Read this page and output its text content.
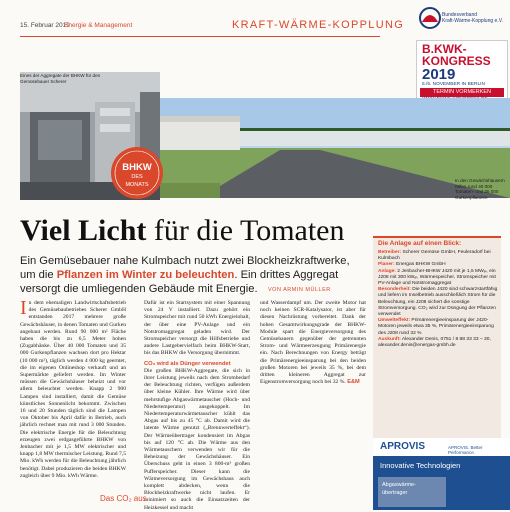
15. Februar 2019
Energie & Management	KRAFT-WÄRME-KOPPLUNG
Bundesverband
Kraft-Wärme-Kopplung e.V.
B.KWK-
KONGRESS
2019
5./6. NOVEMBER IN BERLIN
TERMIN VORMERKEN
Eines der Aggregate der BHKW für den Gemüsebauer Scherer
In den Gewächshäusern reifen rund 40 000 Tomaten- und 35 000 Gurkenpflanzen
BHKW
DES
MONATS
Viel Licht für die Tomaten
Ein Gemüsebauer nahe Kulmbach nutzt zwei Blockheizkraftwerke, um die Pflanzen im Winter zu beleuchten. Ein drittes Aggregat versorgt die umliegenden Gebäude mit Energie.	VON ARMIN MÜLLER
In dem ehemaligen Landwirtschaftsbetrieb des Gemüsebaubetriebes Scherer GmbH entstanden 2017 mehrere große Gewächshäuser, in denen Tomaten und Gurken angebaut werden. Rund 90 000 m² Fläche haben die bis zu 6,5 Meter hohen (Zugabhänke. Über 40 000 Tomaten und 35 000 Gurkenpflanzen wachsen dort pro Hektar (10 000 m²), täglich werden 4 000 kg geerntet, die im eigenen Onlineshop verkauft und an Supermärkte geliefert werden. Im Winter müssen die Gewächshäuser beheizt und vor allem beleuchtet werden. Knapp 2 900 Lampen sind installiert, damit die Gemüse künstliches Sonnenlicht bekommt. Zwischen 16 und 20 Stunden täglich sind die Lampen von Oktober bis April dafür in Betrieb, auch jährlich rechnet man mit rund 3 000 Stunden. Die elektrische Energie für die Beleuchtung erzeugen zwei erdgasgeführte BHKW von Jenbacher mit je 1,5 MW elektrischer und knapp 1,8 MW thermischer Leistung. Rund 7,5 Mio. kWh werden für die Beleuchtung jährlich benötigt. Dabei produzieren die beiden BHKW zugleich über 9 Mio. kWh Wärme.
Dafür ist ein Startsystem mit einer Spannung von 24 V installiert. Dazu gehört ein Stromspeicher mit rund 50 kWh Energieinhalt, der über eine PV-Anlage und ein Notstromaggregat geladen wird. Der Stromspeicher versorgt die Hilfsbetriebe und andere Lastgebervielfach beim BHKW-Start, bis das BHKW die Versorgung übernimmt.
CO₂ wird als Dünger verwendet
Die großen BHKW-Aggregate, die sich in ihrer Leistung jeweils nach dem Strombedarf der Beleuchtung richten, verfügen außerdem über kleine Kühler. Ihre Wärme wird über mehrstufige Abgaswärmetauscher (Hoch- und Niedertemperatur) ausgekoppelt. Im Niedertemperaturwärmetauscher kühlt das Abgas auf bis zu 45 °C ab. Damit wird die latente Wärme genutzt („Brennwerteffekt“). Der Wärmeübertrager kondensiert im Abgas bis auf 120 °C ab. Die Wärme aus den Wärmetauschern verwenden wir für die Beheizung der Gewächshäuser. Ein Überschuss geht in einen 3 800-m³ großen Pufferspeicher. Dieser kann die Wärmeversorgung im Gewächshaus auch komplett abdecken, wenn die Blockheizkraftwerke nicht laufen. Er minimiert so auch die Einsatzzeiten der Heizkessel und macht
und Wasserdampf um. Der zweite Motor hat noch keinen SCR-Katalysator, ist aber für diesen Nachrüstung vorbereitet. Dank der hohen Gesamtwirkungsgrade der BHKW-Module spart die Energieversorgung des Gemüsebauern gegenüber der getrennten Strom- und Wärmeerzeugung Primärenergie ein. Nach Berechnungen von Energy beträgt die Primärenergieeinsparung bei den beiden großen Motoren bei jeweils 35 %, bei dem dritten kleineren Aggregat zur Eigenstromversorgung noch bei 32 %. E&M
Das CO₂ aus
Die Anlage auf einen Blick:
Betreiber: Scherer Gemüse GmbH, Feuleradorf bei Kulmbach
Planer: Energas BHKW GmbH
Anlage: 2 Jenbacher-BHKW J420 mit je 1,5 MWₑₗ, ein J208 mit 300 kWₑₗ, Wärmespeicher, Stromspeicher mit PV-Anlage und Notstromaggregat
Besonderheit: Die beiden J420 sind schwarzstartfähig und liefern im Inselbetrieb ausschließlich Strom für die Beleuchtung, ein J208 sichert die sonstige Stromversorgung. CO₂ wird zur Düngung der Pflanzen verwendet
Umwelteffekt: Primärenergieeinsparung der J420-Motoren jeweils etwa 35 %, Primärenergieeinsparung des J208 rund 32 %
Auskunft: Alexander Denis, 0751 / 8 88 33 33 – 30, alexander.denis@energas-gmbh.de
APROVIS	APROVIS. Better Performance.
Innovative Technologien
Abgaswärme-
übertrager
